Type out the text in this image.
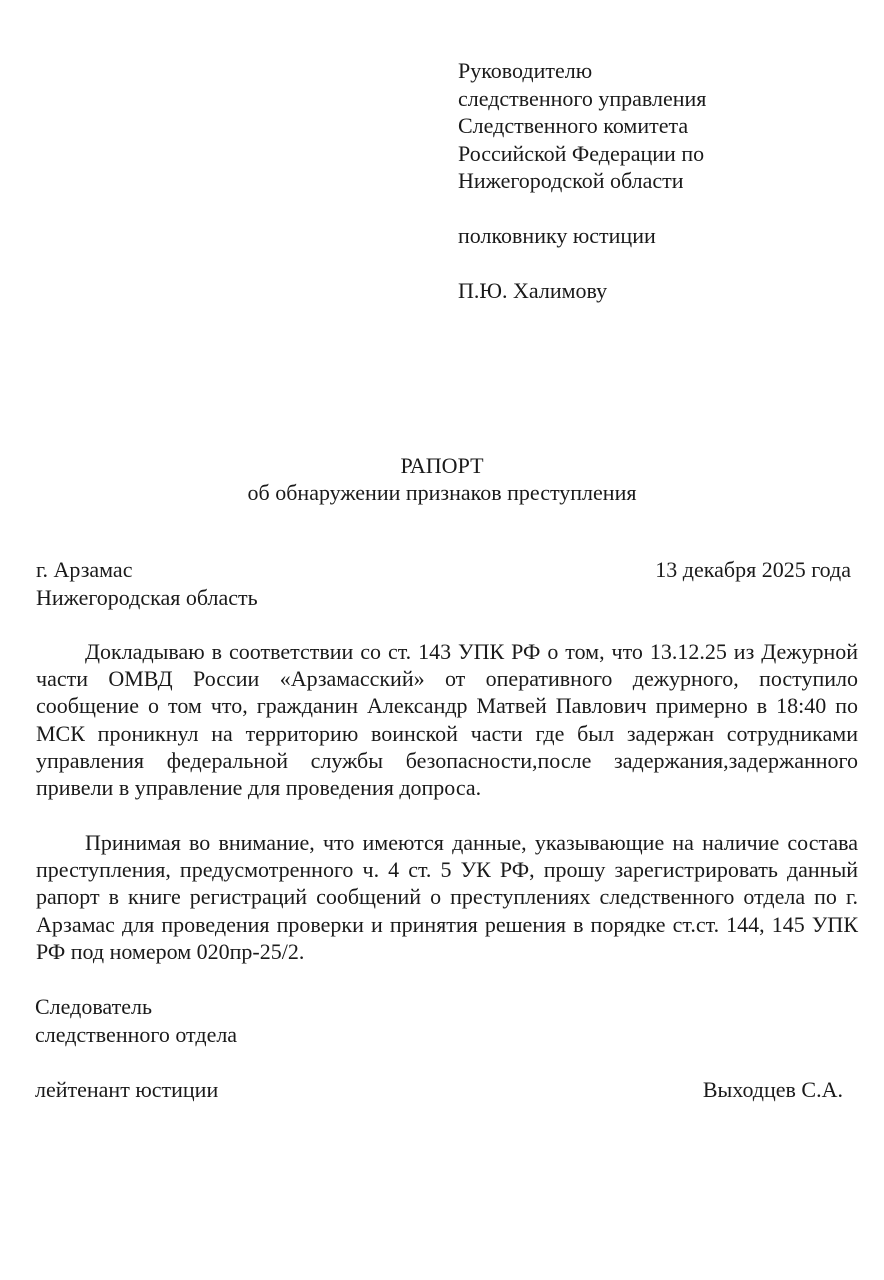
Руководителю
следственного управления
Следственного комитета
Российской Федерации по
Нижегородской области
полковнику юстиции
П.Ю. Халимову
РАПОРТ
об обнаружении признаков преступления
г. Арзамас	13 декабря 2025 года
Нижегородская область
Докладываю в соответствии со ст. 143 УПК РФ о том, что 13.12.25 из Дежурной части ОМВД России «Арзамасский» от оперативного дежурного, поступило сообщение о том что, гражданин Александр Матвей Павлович примерно в 18:40 по МСК проникнул на территорию воинской части где был задержан сотрудниками управления федеральной службы безопасности,после задержания,задержанного привели в управление для проведения допроса.
Принимая во внимание, что имеются данные, указывающие на наличие состава преступления, предусмотренного ч. 4 ст. 5 УК РФ, прошу зарегистрировать данный рапорт в книге регистраций сообщений о преступлениях следственного отдела по г. Арзамас для проведения проверки и принятия решения в порядке ст.ст. 144, 145 УПК РФ под номером 020пр-25/2.
Следователь
следственного отдела
лейтенант юстиции	Выходцев С.А.
